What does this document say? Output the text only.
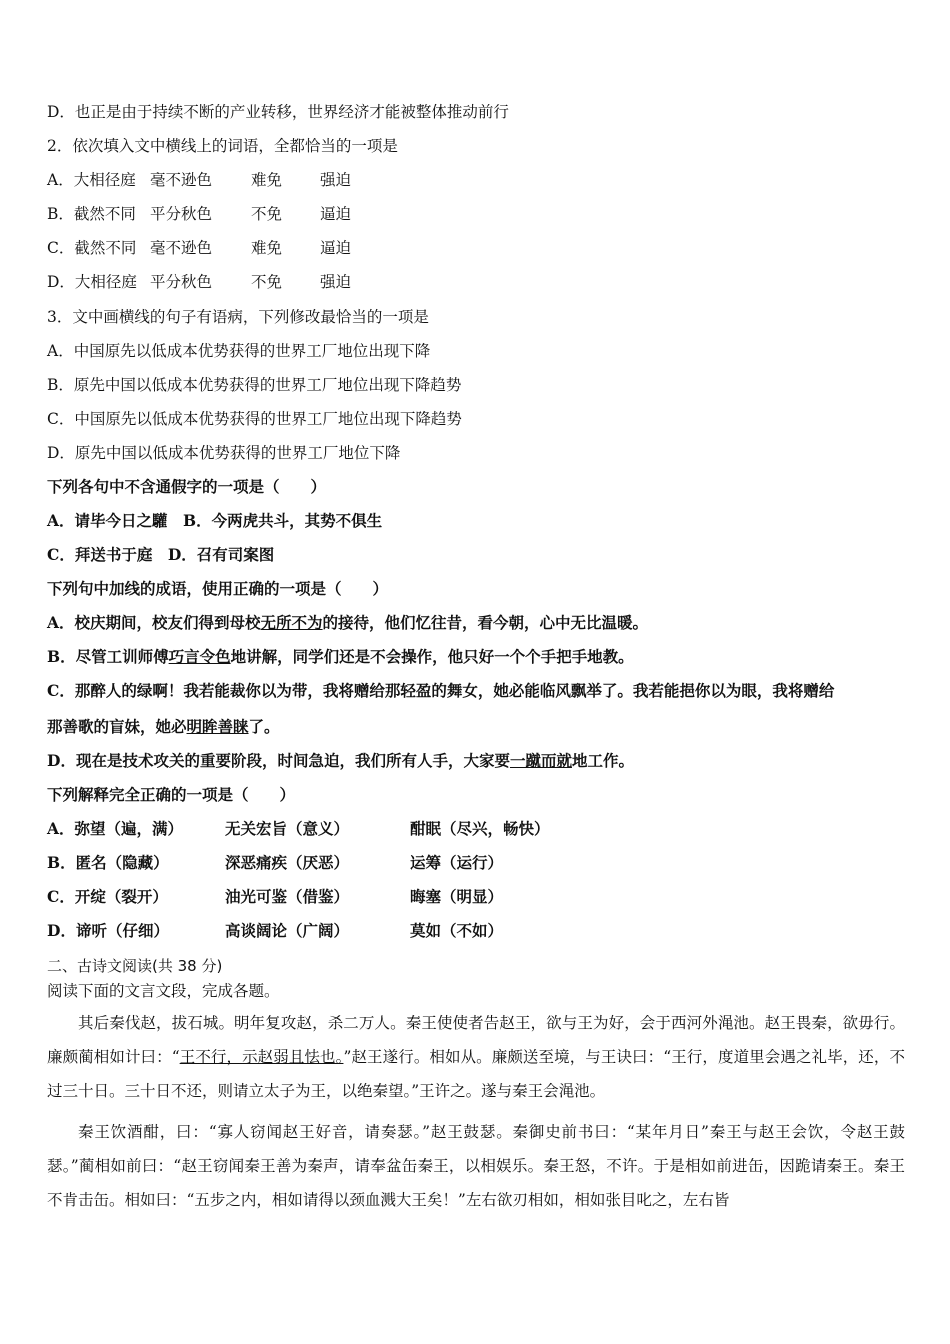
D．也正是由于持续不断的产业转移，世界经济才能被整体推动前行
2．依次填入文中横线上的词语，全都恰当的一项是
A．大相径庭 毫不逊色	难免 强迫
B．截然不同 平分秋色	不免 逼迫
C．截然不同 毫不逊色	难免 逼迫
D．大相径庭 平分秋色	不免 强迫
3．文中画横线的句子有语病，下列修改最恰当的一项是
A．中国原先以低成本优势获得的世界工厂地位出现下降
B．原先中国以低成本优势获得的世界工厂地位出现下降趋势
C．中国原先以低成本优势获得的世界工厂地位出现下降趋势
D．原先中国以低成本优势获得的世界工厂地位下降
下列各句中不含通假字的一项是（　　）
A．请毕今日之驩　B．今两虎共斗，其势不俱生
C．拜送书于庭　D．召有司案图
下列句中加线的成语，使用正确的一项是（　　）
A．校庆期间，校友们得到母校无所不为的接待，他们忆往昔，看今朝，心中无比温暖。
B．尽管工训师傅巧言令色地讲解，同学们还是不会操作，他只好一个个手把手地教。
C．那醉人的绿啊！我若能裁你以为带，我将赠给那轻盈的舞女，她必能临风飘举了。我若能挹你以为眼，我将赠给
那善歌的盲妹，她必明眸善睐了。
D．现在是技术攻关的重要阶段，时间急迫，我们所有人手，大家要一蹴而就地工作。
下列解释完全正确的一项是（　　）
A．弥望（遍，满）	无关宏旨（意义）	酣眠（尽兴，畅快）
B．匿名（隐藏）	深恶痛疾（厌恶）	运筹（运行）
C．开绽（裂开）	油光可鉴（借鉴）	晦塞（明显）
D．谛听（仔细）	高谈阔论（广阔）	莫如（不如）
二、古诗文阅读(共 38 分)
阅读下面的文言文段，完成各题。
其后秦伐赵，拔石城。明年复攻赵，杀二万人。秦王使使者告赵王，欲与王为好，会于西河外渑池。赵王畏秦，欲毋行。廉颇蔺相如计曰：“王不行，示赵弱且怯也。”赵王遂行。相如从。廉颇送至境，与王诀曰：“王行，度道里会遇之礼毕，还，不过三十日。三十日不还，则请立太子为王，以绝秦望。”王许之。遂与秦王会渑池。
秦王饮酒酣，曰：“寡人窃闻赵王好音，请奏瑟。”赵王鼓瑟。秦御史前书曰：“某年月日”秦王与赵王会饮，令赵王鼓瑟。”蔺相如前曰：“赵王窃闻秦王善为秦声，请奉盆缶秦王，以相娱乐。秦王怒，不许。于是相如前进缶，因跪请秦王。秦王不肯击缶。相如曰：“五步之内，相如请得以颈血溅大王矣！”左右欲刃相如，相如张目叱之，左右皆
